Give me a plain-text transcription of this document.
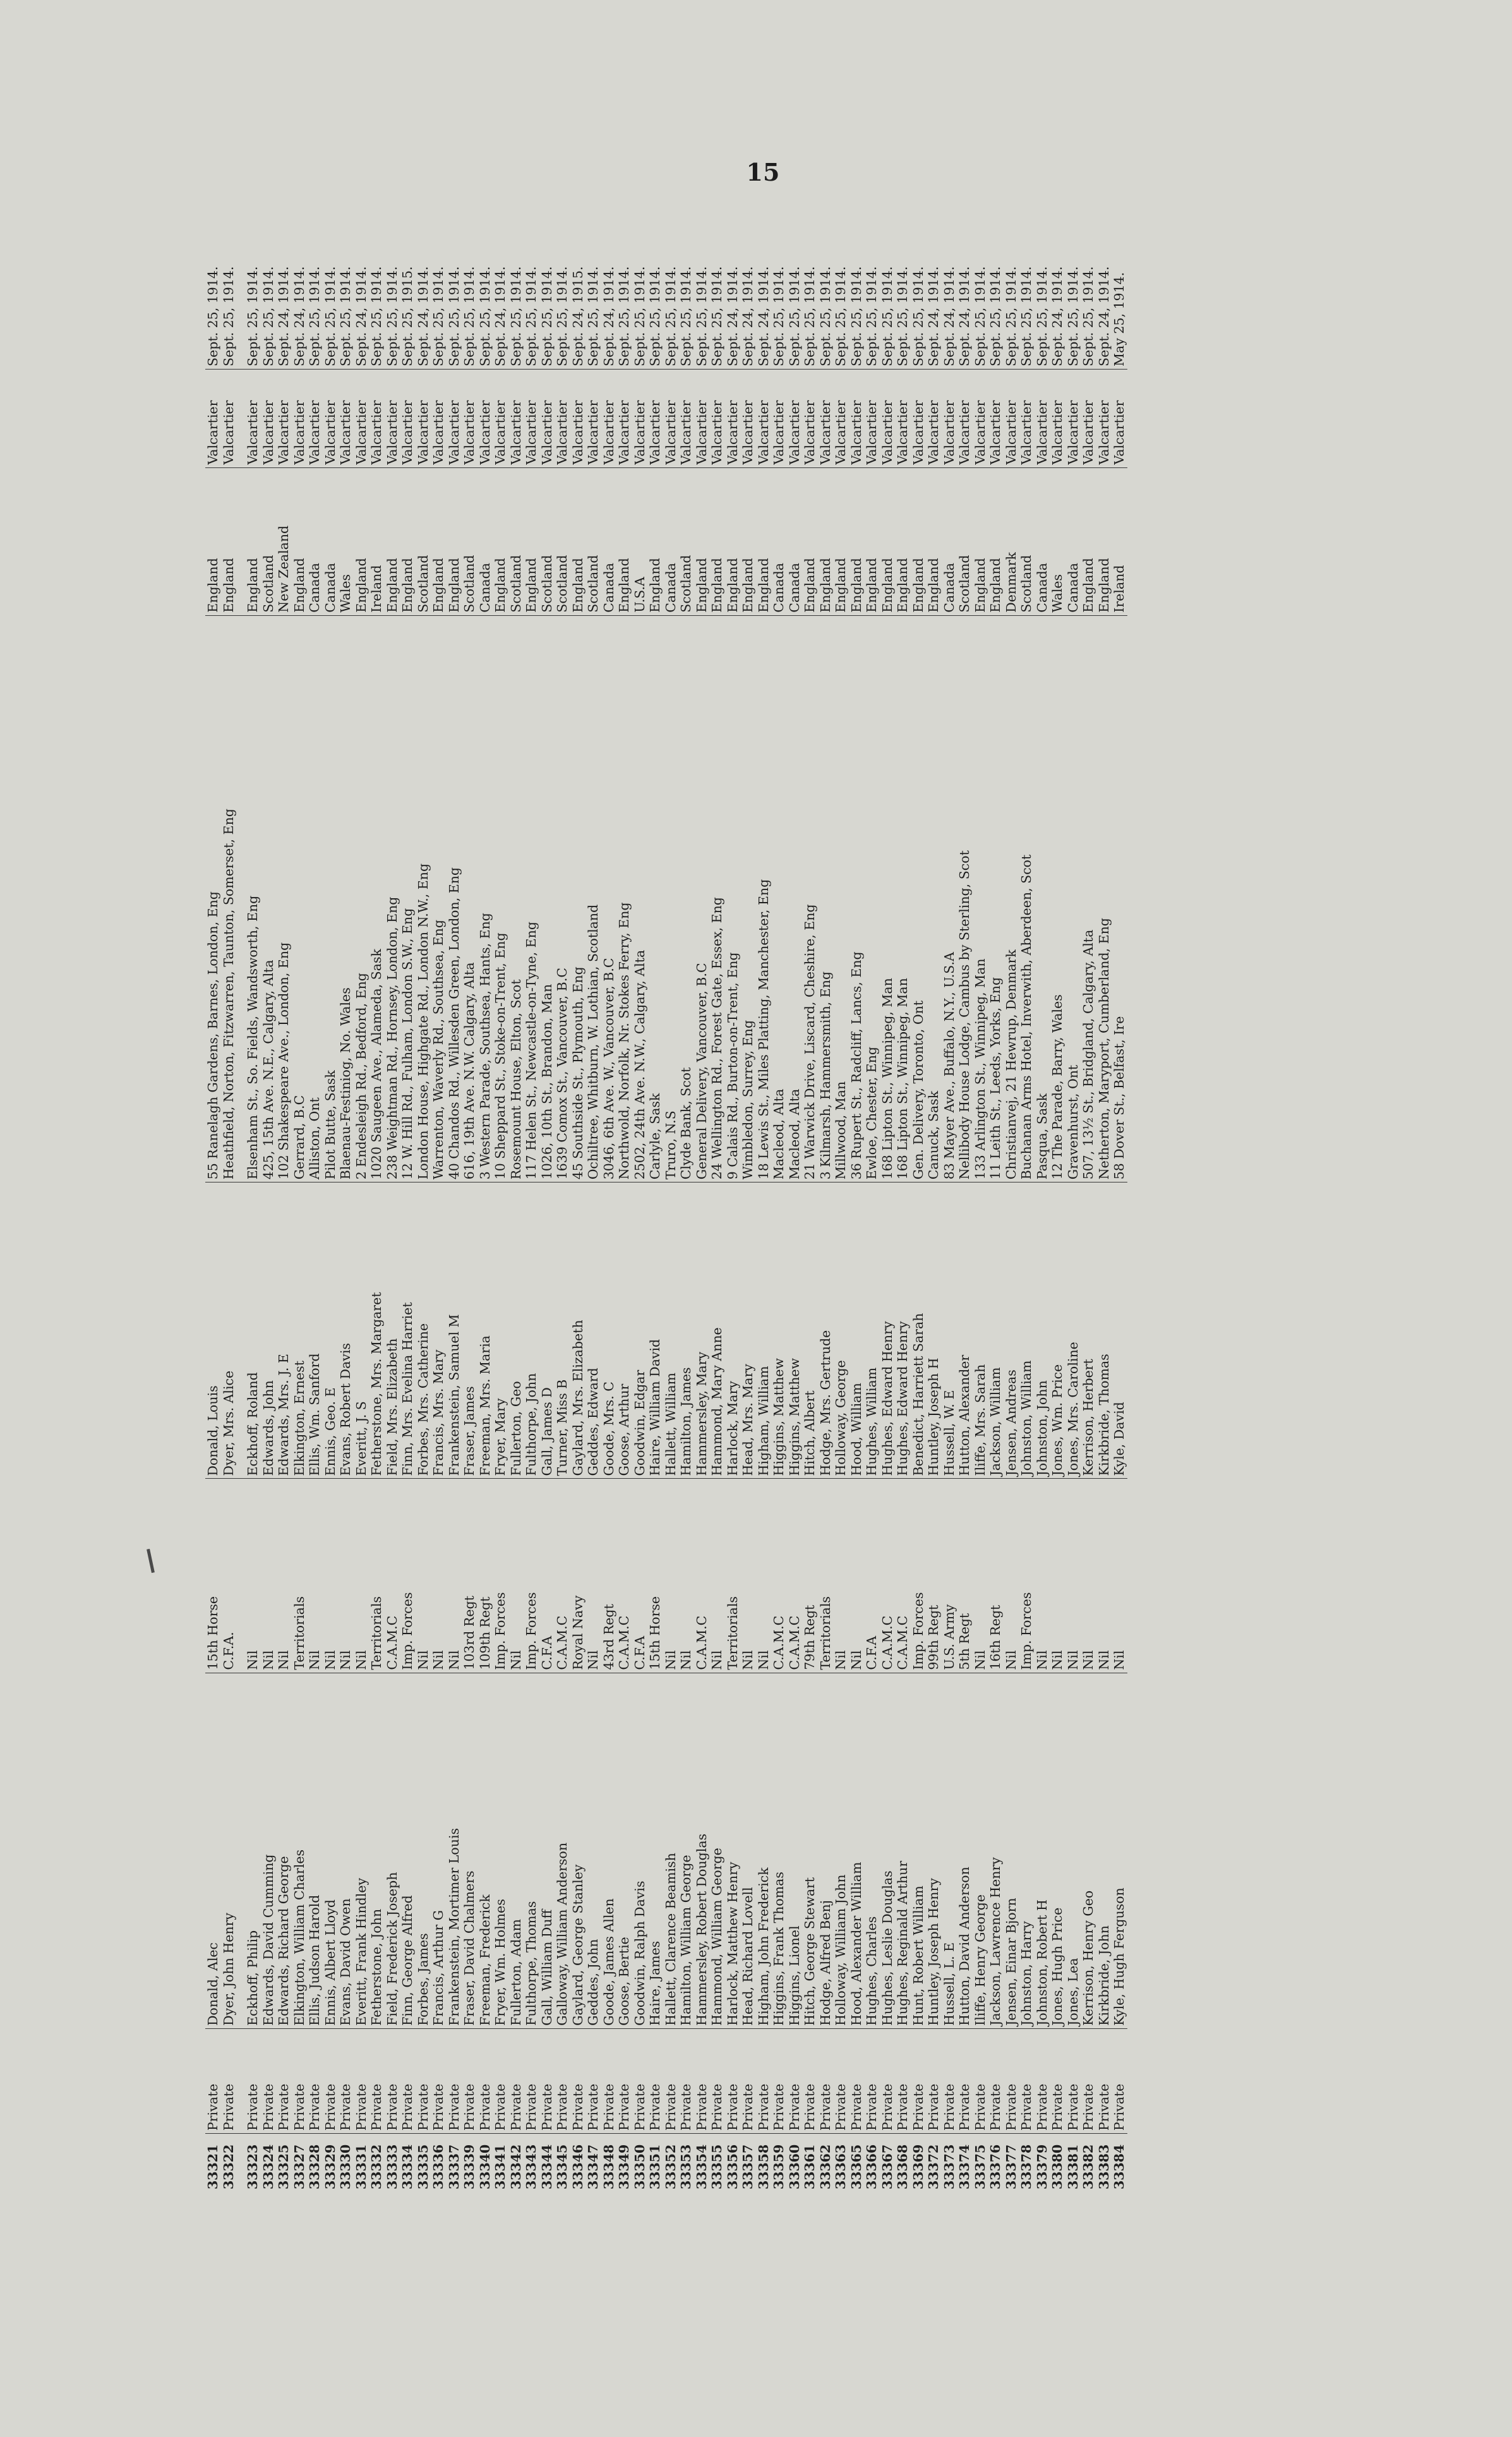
15
33321	Private	Donald, Alec	15th Horse	Donald, Louis	55 Ranelagh Gardens, Barnes, London, Eng	England	Valcartier	Sept. 25, 1914.
33322	Private	Dyer, John Henry	C.F.A.	Dyer, Mrs. Alice	Heathfield, Norton, Fitzwarren, Taunton, Somerset, Eng	England	Valcartier	Sept. 25, 1914.

33323	Private	Eckhoff, Philip	Nil	Eckhoff, Roland	Elsenham St., So. Fields, Wandsworth, Eng	England	Valcartier	Sept. 25, 1914.
33324	Private	Edwards, David Cumming	Nil	Edwards, John	425, 15th Ave. N.E., Calgary, Alta	Scotland	Valcartier	Sept. 25, 1914.
33325	Private	Edwards, Richard George	Nil	Edwards, Mrs. J. E	102 Shakespeare Ave., London, Eng	New Zealand	Valcartier	Sept. 24, 1914.
33327	Private	Elkington, William Charles	Territorials	Elkington, Ernest	Gerrard, B.C	England	Valcartier	Sept. 24, 1914.
33328	Private	Ellis, Judson Harold	Nil	Ellis, Wm. Sanford	Alliston, Ont	Canada	Valcartier	Sept. 25, 1914.
33329	Private	Ennis, Albert Lloyd	Nil	Ennis, Geo. E	Pilot Butte, Sask	Canada	Valcartier	Sept. 25, 1914.
33330	Private	Evans, David Owen	Nil	Evans, Robert Davis	Blaenau-Festiniog, No. Wales	Wales	Valcartier	Sept. 25, 1914.
33331	Private	Everitt, Frank Hindley	Nil	Everitt, J. S	2 Endesleigh Rd., Bedford, Eng	England	Valcartier	Sept. 24, 1914.
33332	Private	Fetherstone, John	Territorials	Fetherstone, Mrs. Margaret	1020 Saugeen Ave., Alameda, Sask	Ireland	Valcartier	Sept. 25, 1914.
33333	Private	Field, Frederick Joseph	C.A.M.C	Field, Mrs. Elizabeth	238 Weightman Rd., Hornsey, London, Eng	England	Valcartier	Sept. 25, 1914.
33334	Private	Finn, George Alfred	Imp. Forces	Finn, Mrs. Evelina Harriet	12 W. Hill Rd., Fulham, London S.W., Eng	England	Valcartier	Sept. 25, 1915.
33335	Private	Forbes, James	Nil	Forbes, Mrs. Catherine	London House, Highgate Rd., London N.W., Eng	Scotland	Valcartier	Sept. 24, 1914.
33336	Private	Francis, Arthur G	Nil	Francis, Mrs. Mary	Warrenton, Waverly Rd., Southsea, Eng	England	Valcartier	Sept. 25, 1914.
33337	Private	Frankenstein, Mortimer Louis	Nil	Frankenstein, Samuel M	40 Chandos Rd., Willesden Green, London, Eng	England	Valcartier	Sept. 25, 1914.
33339	Private	Fraser, David Chalmers	103rd Regt	Fraser, James	616, 19th Ave. N.W. Calgary, Alta	Scotland	Valcartier	Sept. 25, 1914.
33340	Private	Freeman, Frederick	109th Regt	Freeman, Mrs. Maria	3 Western Parade, Southsea, Hants, Eng	Canada	Valcartier	Sept. 25, 1914.
33341	Private	Fryer, Wm. Holmes	Imp. Forces	Fryer, Mary	10 Sheppard St., Stoke-on-Trent, Eng	England	Valcartier	Sept. 24, 1914.
33342	Private	Fullerton, Adam	Nil	Fullerton, Geo	Rosemount House, Elton, Scot	Scotland	Valcartier	Sept. 25, 1914.
33343	Private	Fulthorpe, Thomas	Imp. Forces	Fulthorpe, John	117 Helen St., Newcastle-on-Tyne, Eng	England	Valcartier	Sept. 25, 1914.
33344	Private	Gall, William Duff	C.F.A	Gall, James D	1026, 10th St., Brandon, Man	Scotland	Valcartier	Sept. 25, 1914.
33345	Private	Galloway, William Anderson	C.A.M.C	Turner, Miss B	1639 Comox St., Vancouver, B.C	Scotland	Valcartier	Sept. 25, 1914.
33346	Private	Gaylard, George Stanley	Royal Navy	Gaylard, Mrs. Elizabeth	45 Southside St., Plymouth, Eng	England	Valcartier	Sept. 24, 1915.
33347	Private	Geddes, John	Nil	Geddes, Edward	Ochiltree, Whitburn, W. Lothian, Scotland	Scotland	Valcartier	Sept. 25, 1914.
33348	Private	Goode, James Allen	43rd Regt	Goode, Mrs. C	3046, 6th Ave. W., Vancouver, B.C	Canada	Valcartier	Sept. 24, 1914.
33349	Private	Goose, Bertie	C.A.M.C	Goose, Arthur	Northwold, Norfolk, Nr. Stokes Ferry, Eng	England	Valcartier	Sept. 25, 1914.
33350	Private	Goodwin, Ralph Davis	C.F.A	Goodwin, Edgar	2502, 24th Ave. N.W., Calgary, Alta	U.S.A	Valcartier	Sept. 25, 1914.
33351	Private	Haire, James	15th Horse	Haire, William David	Carlyle, Sask	England	Valcartier	Sept. 25, 1914.
33352	Private	Hallett, Clarence Beamish	Nil	Hallett, William	Truro, N.S	Canada	Valcartier	Sept. 25, 1914.
33353	Private	Hamilton, William George	Nil	Hamilton, James	Clyde Bank, Scot	Scotland	Valcartier	Sept. 25, 1914.
33354	Private	Hammersley, Robert Douglas	C.A.M.C	Hammersley, Mary	General Delivery, Vancouver, B.C	England	Valcartier	Sept. 25, 1914.
33355	Private	Hammond, William George	Nil	Hammond, Mary Anne	24 Wellington Rd., Forest Gate, Essex, Eng	England	Valcartier	Sept. 25, 1914.
33356	Private	Harlock, Matthew Henry	Territorials	Harlock, Mary	9 Calais Rd., Burton-on-Trent, Eng	England	Valcartier	Sept. 24, 1914.
33357	Private	Head, Richard Lovell	Nil	Head, Mrs. Mary	Wimbledon, Surrey, Eng	England	Valcartier	Sept. 24, 1914.
33358	Private	Higham, John Frederick	Nil	Higham, William	18 Lewis St., Miles Platting, Manchester, Eng	England	Valcartier	Sept. 24, 1914.
33359	Private	Higgins, Frank Thomas	C.A.M.C	Higgins, Matthew	Macleod, Alta	Canada	Valcartier	Sept. 25, 1914.
33360	Private	Higgins, Lionel	C.A.M.C	Higgins, Matthew	Macleod, Alta	Canada	Valcartier	Sept. 25, 1914.
33361	Private	Hitch, George Stewart	79th Regt	Hitch, Albert	21 Warwick Drive, Liscard, Cheshire, Eng	England	Valcartier	Sept. 25, 1914.
33362	Private	Hodge, Alfred Benj	Territorials	Hodge, Mrs. Gertrude	3 Kilmarsh, Hammersmith, Eng	England	Valcartier	Sept. 25, 1914.
33363	Private	Holloway, William John	Nil	Holloway, George	Millwood, Man	England	Valcartier	Sept. 25, 1914.
33365	Private	Hood, Alexander William	Nil	Hood, William	36 Rupert St., Radcliff, Lancs, Eng	England	Valcartier	Sept. 25, 1914.
33366	Private	Hughes, Charles	C.F.A	Hughes, William	Ewloe, Chester, Eng	England	Valcartier	Sept. 25, 1914.
33367	Private	Hughes, Leslie Douglas	C.A.M.C	Hughes, Edward Henry	168 Lipton St., Winnipeg, Man	England	Valcartier	Sept. 25, 1914.
33368	Private	Hughes, Reginald Arthur	C.A.M.C	Hughes, Edward Henry	168 Lipton St., Winnipeg, Man	England	Valcartier	Sept. 25, 1914.
33369	Private	Hunt, Robert William	Imp. Forces	Benedict, Harriett Sarah	Gen. Delivery, Toronto, Ont	England	Valcartier	Sept. 25, 1914.
33372	Private	Huntley, Joseph Henry	99th Regt	Huntley, Joseph H	Canuck, Sask	England	Valcartier	Sept. 24, 1914.
33373	Private	Hussell, L. E	U.S. Army	Hussell, W. E	83 Mayer Ave., Buffalo, N.Y., U.S.A	Canada	Valcartier	Sept. 24, 1914.
33374	Private	Hutton, David Anderson	5th Regt	Hutton, Alexander	Nellibody House Lodge, Cambus by Sterling, Scot	Scotland	Valcartier	Sept. 24, 1914.
33375	Private	Iliffe, Henry George	Nil	Iliffe, Mrs. Sarah	133 Arlington St., Winnipeg, Man	England	Valcartier	Sept. 25, 1914.
33376	Private	Jackson, Lawrence Henry	16th Regt	Jackson, William	11 Leith St., Leeds, Yorks, Eng	England	Valcartier	Sept. 25, 1914.
33377	Private	Jensen, Einar Bjorn	Nil	Jensen, Andreas	Christianvej, 21 Hewrup, Denmark	Denmark	Valcartier	Sept. 25, 1914.
33378	Private	Johnston, Harry	Imp. Forces	Johnston, William	Buchanan Arms Hotel, Inverwith, Aberdeen, Scot	Scotland	Valcartier	Sept. 25, 1914.
33379	Private	Johnston, Robert H	Nil	Johnston, John	Pasqua, Sask	Canada	Valcartier	Sept. 25, 1914.
33380	Private	Jones, Hugh Price	Nil	Jones, Wm. Price	12 The Parade, Barry, Wales	Wales	Valcartier	Sept. 24, 1914.
33381	Private	Jones, Lea	Nil	Jones, Mrs. Caroline	Gravenhurst, Ont	Canada	Valcartier	Sept. 25, 1914.
33382	Private	Kerrison, Henry Geo	Nil	Kerrison, Herbert	507, 13½ St., Bridgland, Calgary, Alta	England	Valcartier	Sept. 25, 1914.
33383	Private	Kirkbride, John	Nil	Kirkbride, Thomas	Netherton, Maryport, Cumberland, Eng	England	Valcartier	Sept. 24, 1914.
33384	Private	Kyle, Hugh Ferguson	Nil	Kyle, David	58 Dover St., Belfast, Ire	Ireland	Valcartier	May 25, 1914.
